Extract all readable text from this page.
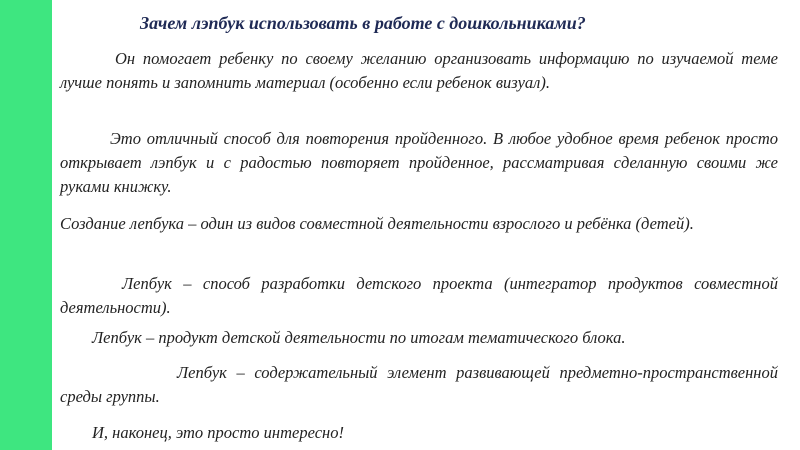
Зачем лэпбук использовать в работе с дошкольниками?

Он помогает ребенку по своему желанию организовать информацию по изучаемой теме лучше понять и запомнить материал (особенно если ребенок визуал).

Это отличный способ для повторения пройденного. В любое удобное время ребенок просто открывает лэпбук и с радостью повторяет пройденное, рассматривая сделанную своими же руками книжку.

Создание лепбука – один из видов совместной деятельности взрослого и ребёнка (детей).

Лепбук – способ разработки детского проекта (интегратор продуктов совместной деятельности).

Лепбук – продукт детской деятельности по итогам тематического блока.

Лепбук – содержательный элемент развивающей предметно-пространственной среды группы.

И, наконец, это просто интересно!
